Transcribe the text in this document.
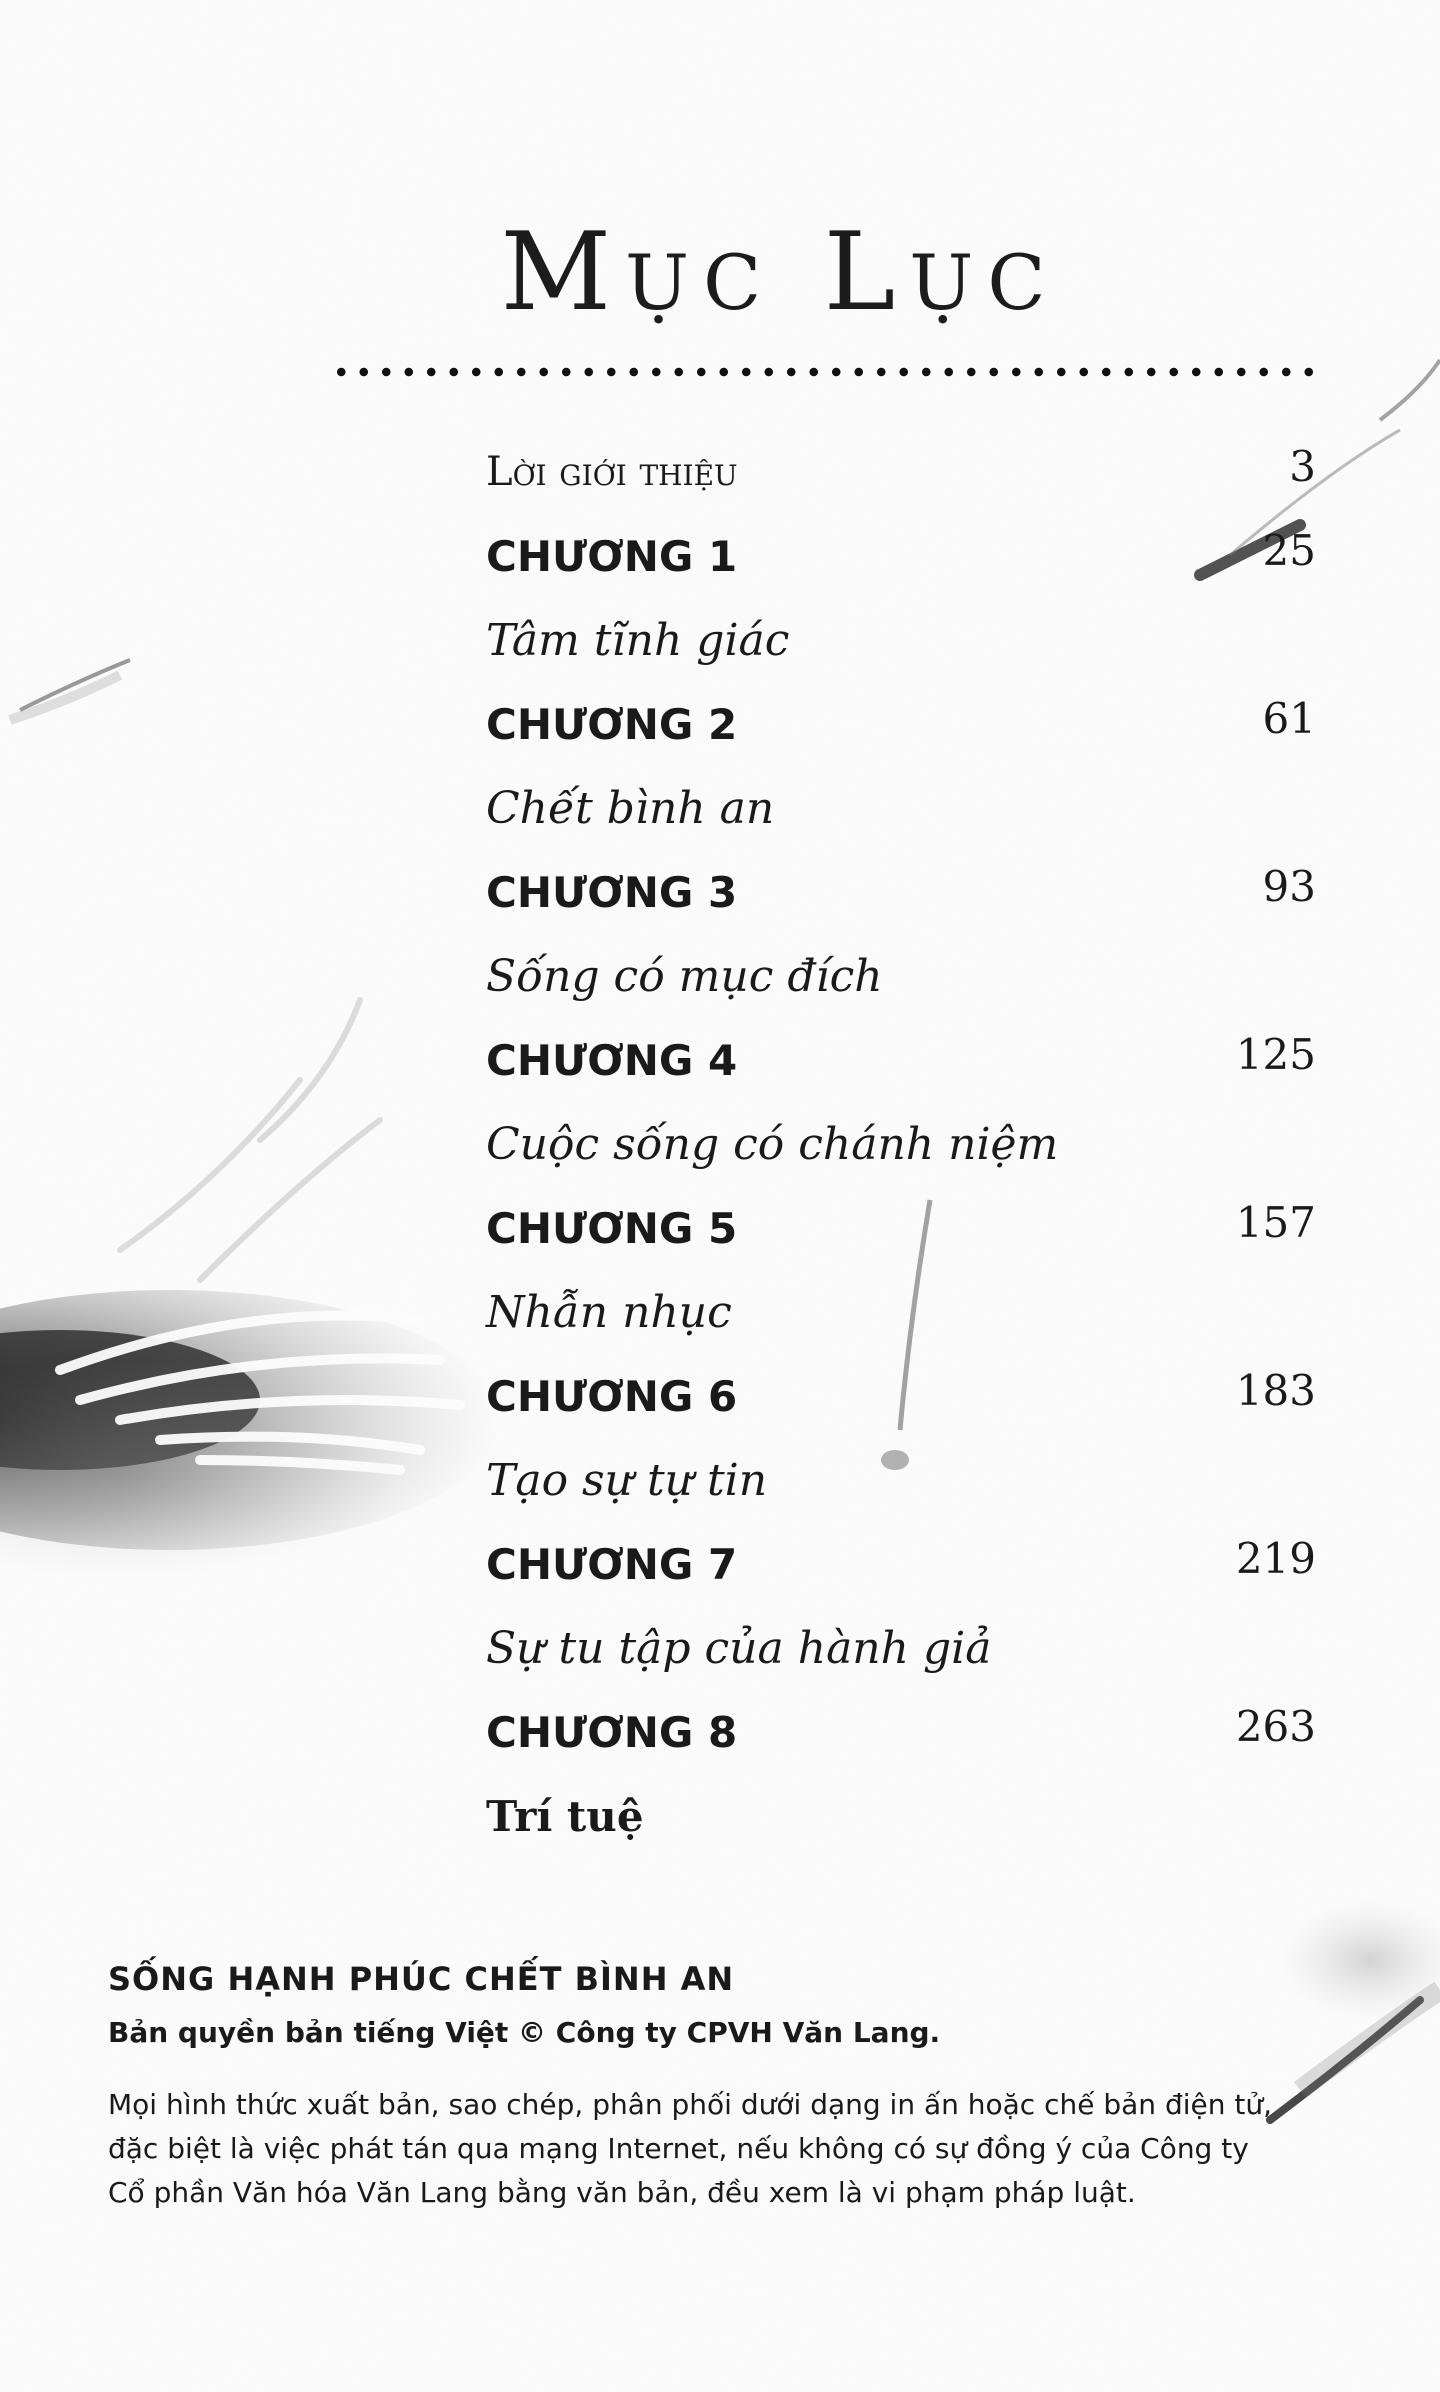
Mục Lục
Lời giới thiệu	3
CHƯƠNG 1	25
Tâm tĩnh giác
CHƯƠNG 2	61
Chết bình an
CHƯƠNG 3	93
Sống có mục đích
CHƯƠNG 4	125
Cuộc sống có chánh niệm
CHƯƠNG 5	157
Nhẫn nhục
CHƯƠNG 6	183
Tạo sự tự tin
CHƯƠNG 7	219
Sự tu tập của hành giả
CHƯƠNG 8	263
Trí tuệ
SỐNG HẠNH PHÚC CHẾT BÌNH AN
Bản quyền bản tiếng Việt © Công ty CPVH Văn Lang.
Mọi hình thức xuất bản, sao chép, phân phối dưới dạng in ấn hoặc chế bản điện tử, đặc biệt là việc phát tán qua mạng Internet, nếu không có sự đồng ý của Công ty Cổ phần Văn hóa Văn Lang bằng văn bản, đều xem là vi phạm pháp luật.
